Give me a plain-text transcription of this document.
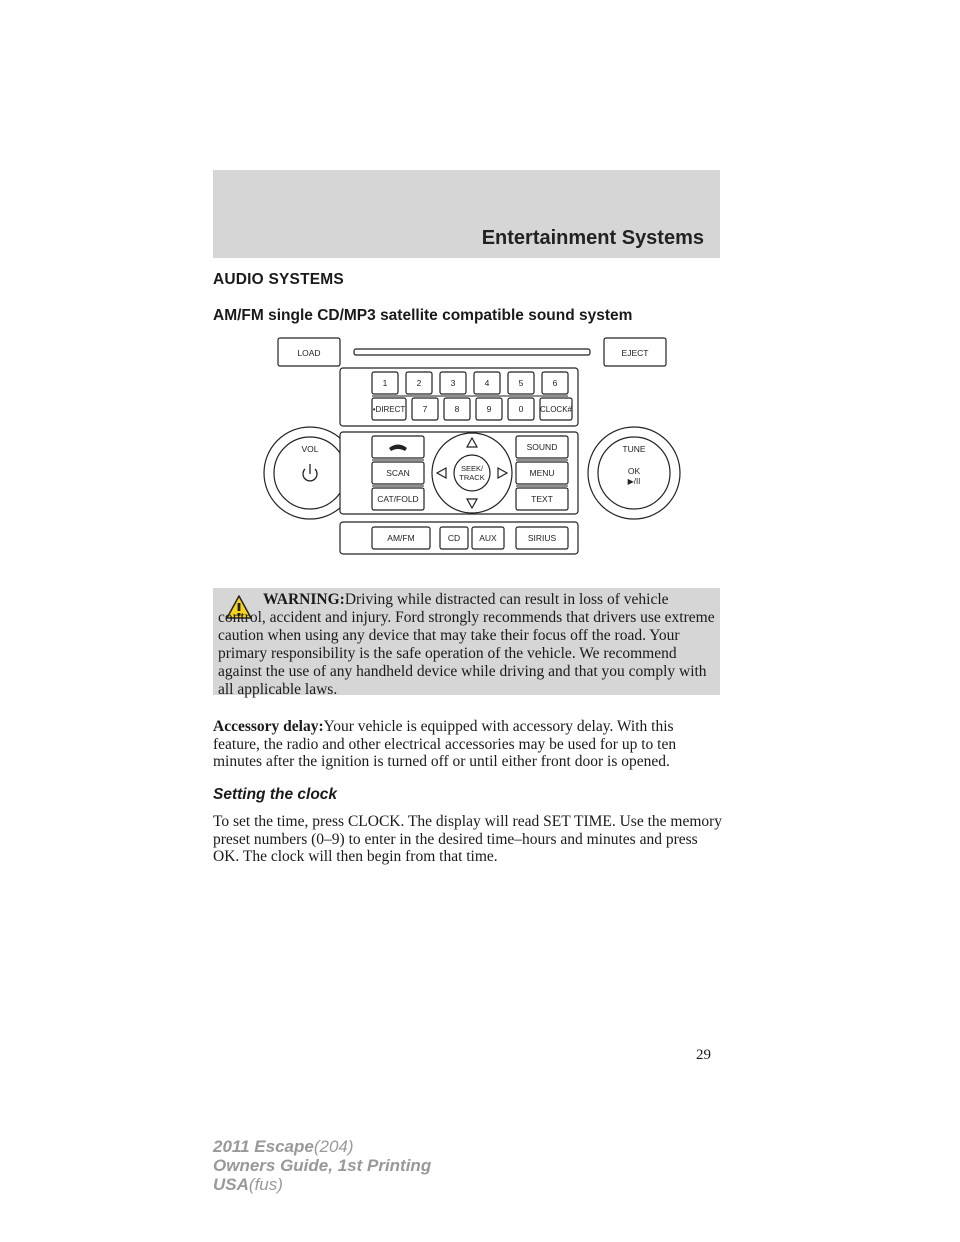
Entertainment Systems
AUDIO SYSTEMS
AM/FM single CD/MP3 satellite compatible sound system
LOAD	EJECT
1	2	3	4	5	6
•DIRECT 7	8	9	0 CLOCK#
VOL	TUNE
OK
▶/II
SCAN
CAT/FOLD
SEEK/
TRACK
SOUND
MENU
TEXT
AM/FM	CD AUX	SIRIUS
WARNING:Driving while distracted can result in loss of vehicle control, accident and injury. Ford strongly recommends that drivers use extreme caution when using any device that may take their focus off the road. Your primary responsibility is the safe operation of the vehicle. We recommend against the use of any handheld device while driving and that you comply with all applicable laws.
Accessory delay:Your vehicle is equipped with accessory delay. With this feature, the radio and other electrical accessories may be used for up to ten minutes after the ignition is turned off or until either front door is opened.
Setting the clock
To set the time, press CLOCK. The display will read SET TIME. Use the memory preset numbers (0–9) to enter in the desired time–hours and minutes and press OK. The clock will then begin from that time.
29
2011 Escape(204)
Owners Guide, 1st Printing
USA(fus)
